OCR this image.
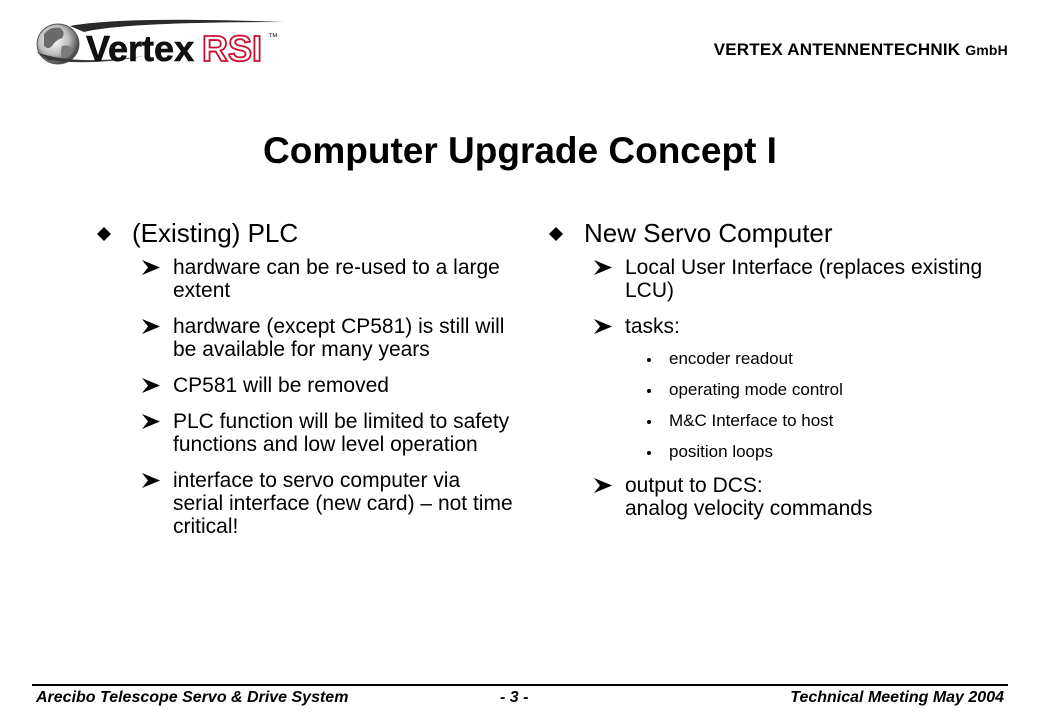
Vertex RSI ™
VERTEX ANTENNENTECHNIK GmbH
Computer Upgrade Concept I
(Existing) PLC
hardware can be re-used to a large extent
hardware (except CP581) is still will be available for many years
CP581 will be removed
PLC function will be limited to safety functions and low level operation
interface to servo computer via serial interface (new card) – not time critical!
New Servo Computer
Local User Interface (replaces existing LCU)
tasks:
encoder readout
operating mode control
M&C Interface to host
position loops
output to DCS:
analog velocity commands
Arecibo Telescope Servo & Drive System	- 3 -	Technical Meeting May 2004
